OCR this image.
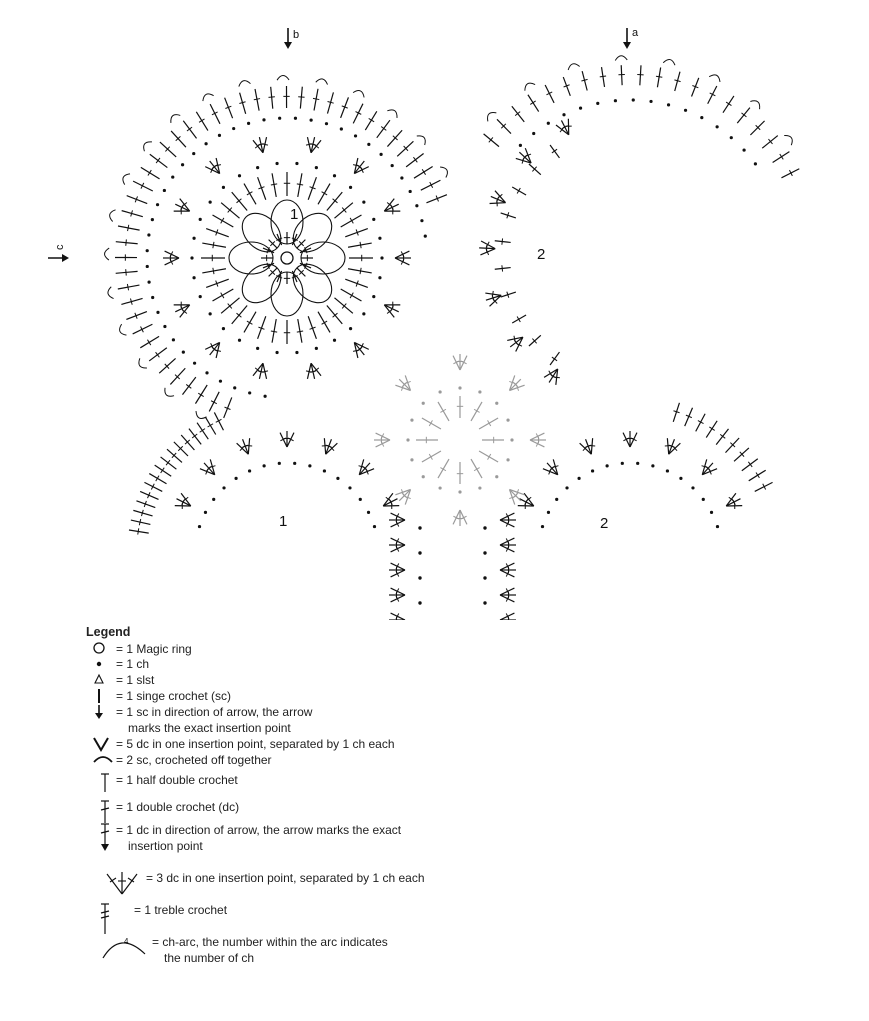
b	a
c
1
2
1	2
Legend
= 1 Magic ring
= 1 ch
= 1 slst
= 1 singe crochet (sc)
= 1 sc in direction of arrow, the arrow
marks the exact insertion point
= 5 dc in one insertion point, separated by 1 ch each
= 2 sc, crocheted off together
= 1 half double crochet
= 1 double crochet (dc)
= 1 dc in direction of arrow, the arrow marks the exact
insertion point
= 3 dc in one insertion point, separated by 1 ch each
= 1 treble crochet
4 = ch-arc, the number within the arc indicates
the number of ch
